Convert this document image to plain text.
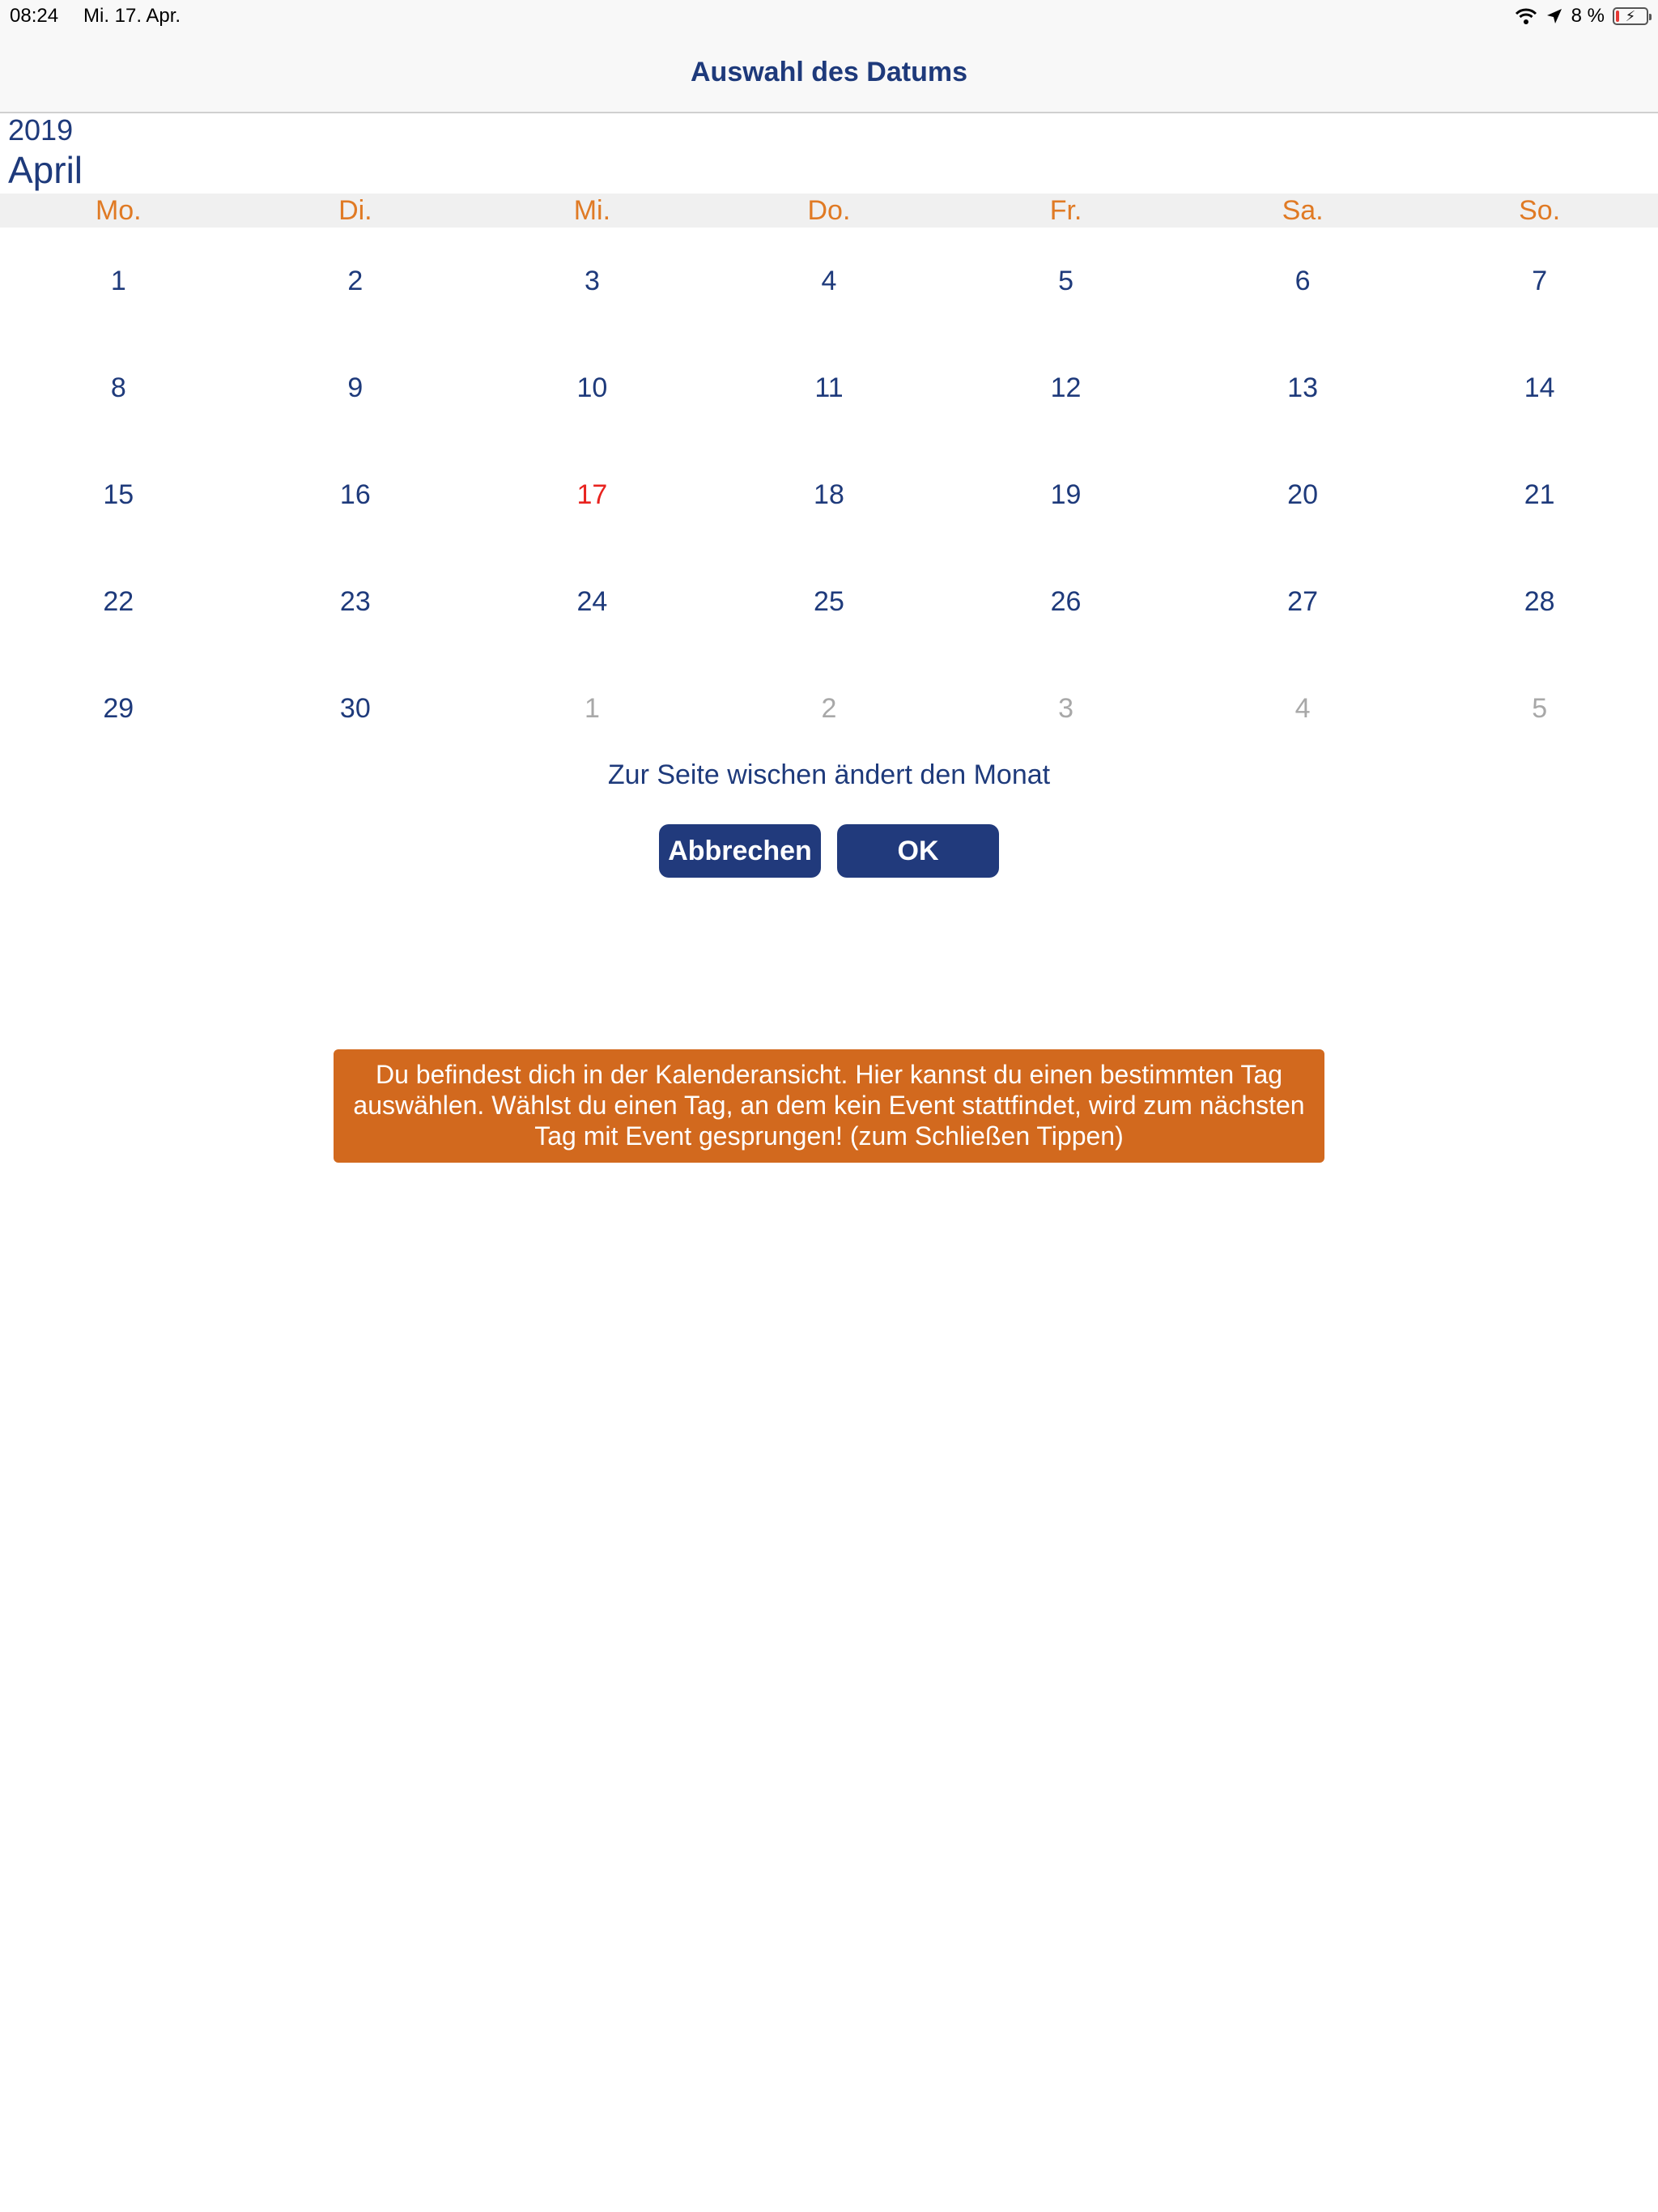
08:24 Mi. 17. Apr.	8 %	⚡
Auswahl des Datums
2019
April
Mo.	Di.	Mi.	Do.	Fr.	Sa.	So.
1	2	3	4	5	6	7
8	9	10	11	12	13	14
15	16	17	18	19	20	21
22	23	24	25	26	27	28
29	30	1	2	3	4	5
Zur Seite wischen ändert den Monat
Abbrechen	OK
Du befindest dich in der Kalenderansicht. Hier kannst du einen bestimmten Tag auswählen. Wählst du einen Tag, an dem kein Event stattfindet, wird zum nächsten Tag mit Event gesprungen! (zum Schließen Tippen)
